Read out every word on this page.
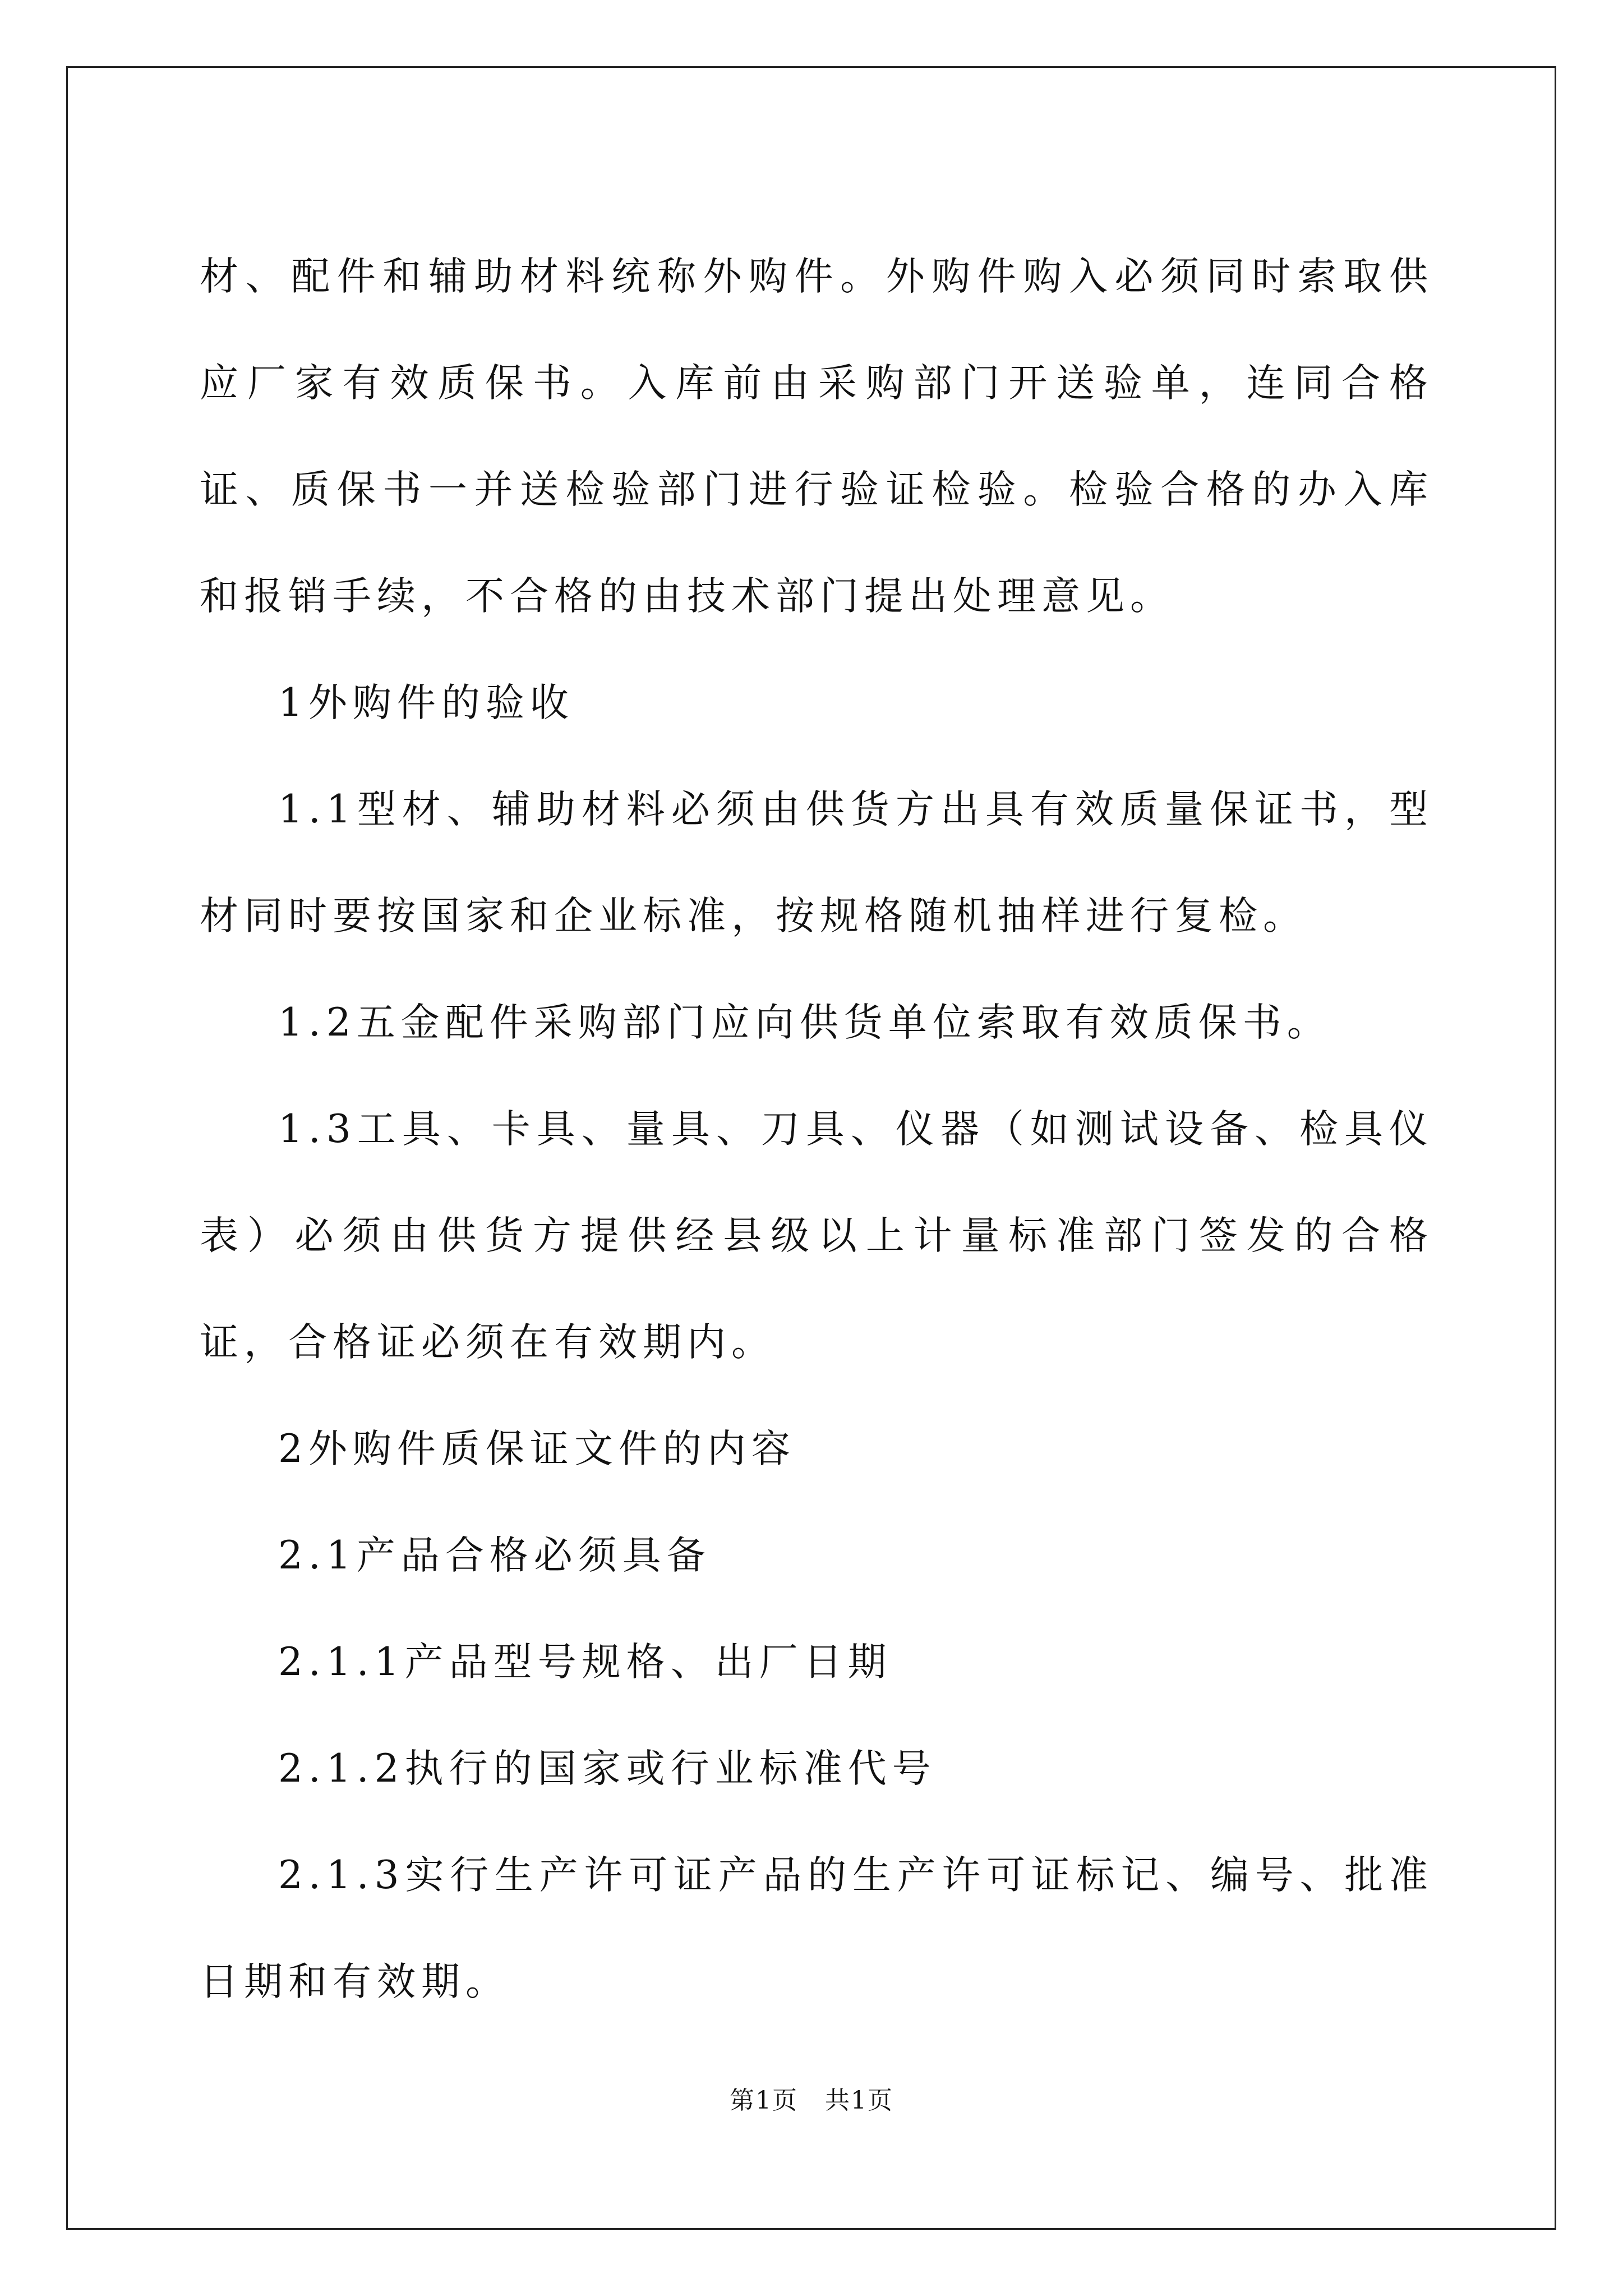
材、配件和辅助材料统称外购件。外购件购入必须同时索取供应厂家有效质保书。入库前由采购部门开送验单，连同合格证、质保书一并送检验部门进行验证检验。检验合格的办入库和报销手续，不合格的由技术部门提出处理意见。

1外购件的验收

1.1型材、辅助材料必须由供货方出具有效质量保证书，型材同时要按国家和企业标准，按规格随机抽样进行复检。

1.2五金配件采购部门应向供货单位索取有效质保书。

1.3工具、卡具、量具、刀具、仪器（如测试设备、检具仪表）必须由供货方提供经县级以上计量标准部门签发的合格证，合格证必须在有效期内。

2外购件质保证文件的内容

2.1产品合格必须具备

2.1.1产品型号规格、出厂日期

2.1.2执行的国家或行业标准代号

2.1.3实行生产许可证产品的生产许可证标记、编号、批准日期和有效期。

第1页 共1页
